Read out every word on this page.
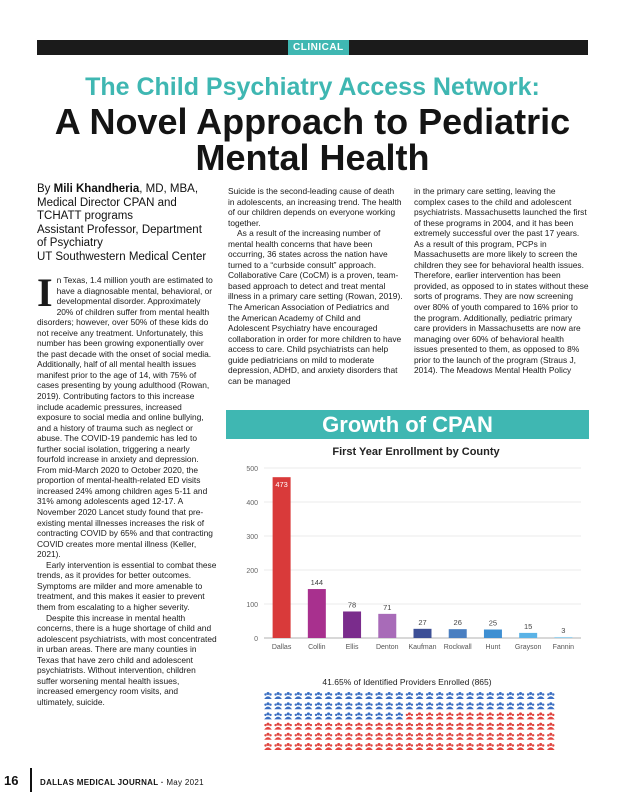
CLINICAL
The Child Psychiatry Access Network:
A Novel Approach to Pediatric
Mental Health
By Mili Khandheria, MD, MBA,
Medical Director CPAN and
TCHATT programs
Assistant Professor, Department
of Psychiatry
UT Southwestern Medical Center

In Texas, 1.4 million youth are estimated to have a diagnosable mental, behavioral, or developmental disorder. Approximately 20% of children suffer from mental health disorders; however, over 50% of these kids do not receive any treatment. Unfortunately, this number has been growing exponentially over the past decade with the onset of social media. Additionally, half of all mental health issues manifest prior to the age of 14, with 75% of cases presenting by young adulthood (Rowan, 2019). Contributing factors to this increase include academic pressures, increased exposure to social media and online bullying, and a history of trauma such as neglect or abuse. The COVID-19 pandemic has led to further social isolation, triggering a nearly fourfold increase in anxiety and depression. From mid-March 2020 to October 2020, the proportion of mental-health-related ED visits increased 24% among children ages 5-11 and 31% among adolescents aged 12-17. A November 2020 Lancet study found that pre-existing mental illnesses increases the risk of contracting COVID by 65% and that contracting COVID creates more mental illness (Keller, 2021).

Early intervention is essential to combat these trends, as it provides for better outcomes. Symptoms are milder and more amenable to treatment, and this makes it easier to prevent them from escalating to a higher severity.

Despite this increase in mental health concerns, there is a huge shortage of child and adolescent psychiatrists, with most concentrated in urban areas. There are many counties in Texas that have zero child and adolescent psychiatrists. Without intervention, children suffer worsening mental health issues, increased emergency room visits, and ultimately, suicide.

Suicide is the second-leading cause of death in adolescents, an increasing trend. The health of our children depends on everyone working together.

As a result of the increasing number of mental health concerns that have been occurring, 36 states across the nation have turned to a “curbside consult” approach. Collaborative Care (CoCM) is a proven, team-based approach to detect and treat mental illness in a primary care setting (Rowan, 2019). The American Association of Pediatrics and the American Academy of Child and Adolescent Psychiatry have encouraged collaboration in order for more children to have access to care. Child psychiatrists can help guide pediatricians on mild to moderate depression, ADHD, and anxiety disorders that can be managed

in the primary care setting, leaving the complex cases to the child and adolescent psychiatrists. Massachusetts launched the first of these programs in 2004, and it has been extremely successful over the past 17 years. As a result of this program, PCPs in Massachusetts are more likely to screen the children they see for behavioral health issues. Therefore, earlier intervention has been provided, as opposed to in states without these sorts of programs. They are now screening over 80% of youth compared to 16% prior to the program. Additionally, pediatric primary care providers in Massachusetts are now are managing over 60% of behavioral health issues presented to them, as opposed to 8% prior to the launch of the program (Straus J, 2014). The Meadows Mental Health Policy

Growth of CPAN
First Year Enrollment by County
0
100
200
300
400
500
473
Dallas
144
Collin
78
Ellis
71
Denton
27
Kaufman
26
Rockwall
25
Hunt
15
Grayson
3
Fannin
41.65% of Identified Providers Enrolled (865)
16	DALLAS MEDICAL JOURNAL · May 2021
